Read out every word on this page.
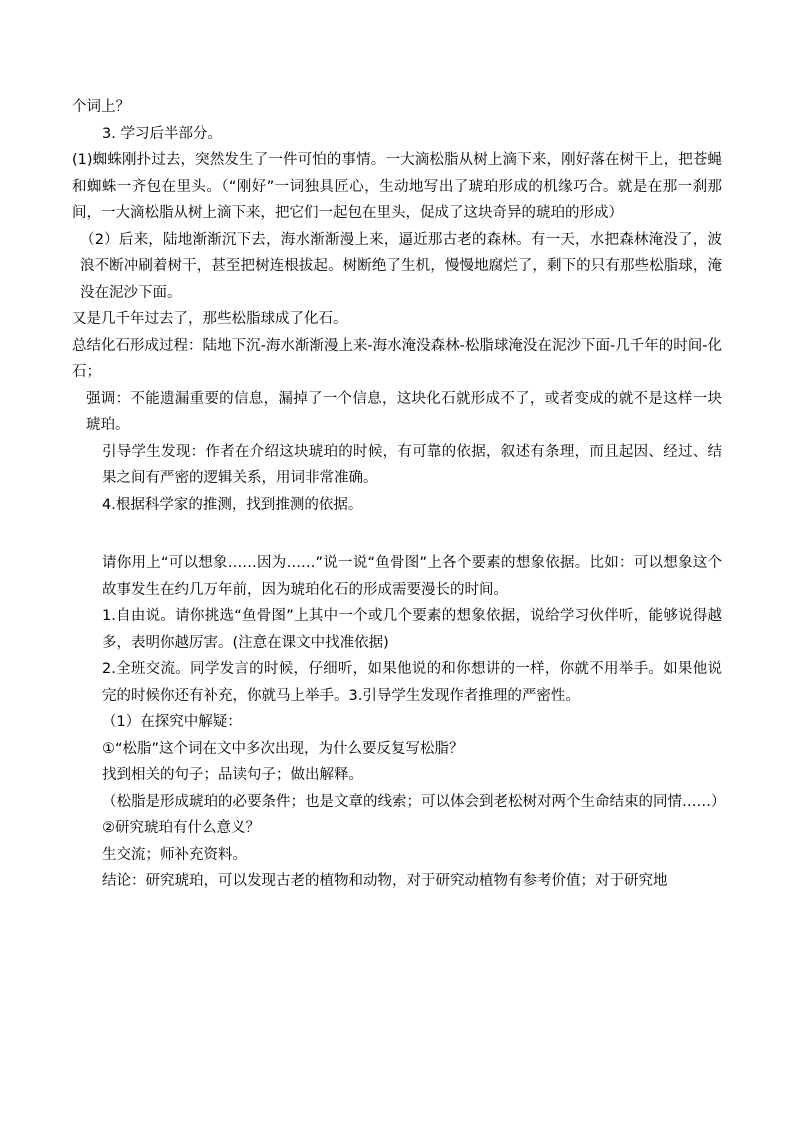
个词上？

3. 学习后半部分。

(1)蜘蛛刚扑过去，突然发生了一件可怕的事情。一大滴松脂从树上滴下来，刚好落在树干上，把苍蝇和蜘蛛一齐包在里头。（“刚好”一词独具匠心，生动地写出了琥珀形成的机缘巧合。就是在那一刹那间，一大滴松脂从树上滴下来，把它们一起包在里头，促成了这块奇异的琥珀的形成）

（2）后来，陆地渐渐沉下去，海水渐渐漫上来，逼近那古老的森林。有一天，水把森林淹没了，波浪不断冲刷着树干，甚至把树连根拔起。树断绝了生机，慢慢地腐烂了，剩下的只有那些松脂球，淹没在泥沙下面。

又是几千年过去了，那些松脂球成了化石。

总结化石形成过程：陆地下沉-海水渐渐漫上来-海水淹没森林-松脂球淹没在泥沙下面-几千年的时间-化石；

强调：不能遗漏重要的信息，漏掉了一个信息，这块化石就形成不了，或者变成的就不是这样一块琥珀。

引导学生发现：作者在介绍这块琥珀的时候，有可靠的依据，叙述有条理，而且起因、经过、结果之间有严密的逻辑关系，用词非常准确。

4.根据科学家的推测，找到推测的依据。

请你用上“可以想象……因为……”说一说“鱼骨图”上各个要素的想象依据。比如：可以想象这个故事发生在约几万年前，因为琥珀化石的形成需要漫长的时间。

1.自由说。请你挑选“鱼骨图”上其中一个或几个要素的想象依据，说给学习伙伴听，能够说得越多，表明你越厉害。(注意在课文中找准依据)

2.全班交流。同学发言的时候，仔细听，如果他说的和你想讲的一样，你就不用举手。如果他说完的时候你还有补充，你就马上举手。3.引导学生发现作者推理的严密性。

（1）在探究中解疑：

①“松脂”这个词在文中多次出现，为什么要反复写松脂？

找到相关的句子；品读句子；做出解释。

（松脂是形成琥珀的必要条件；也是文章的线索；可以体会到老松树对两个生命结束的同情……）

②研究琥珀有什么意义？

生交流；师补充资料。

结论：研究琥珀，可以发现古老的植物和动物，对于研究动植物有参考价值；对于研究地
